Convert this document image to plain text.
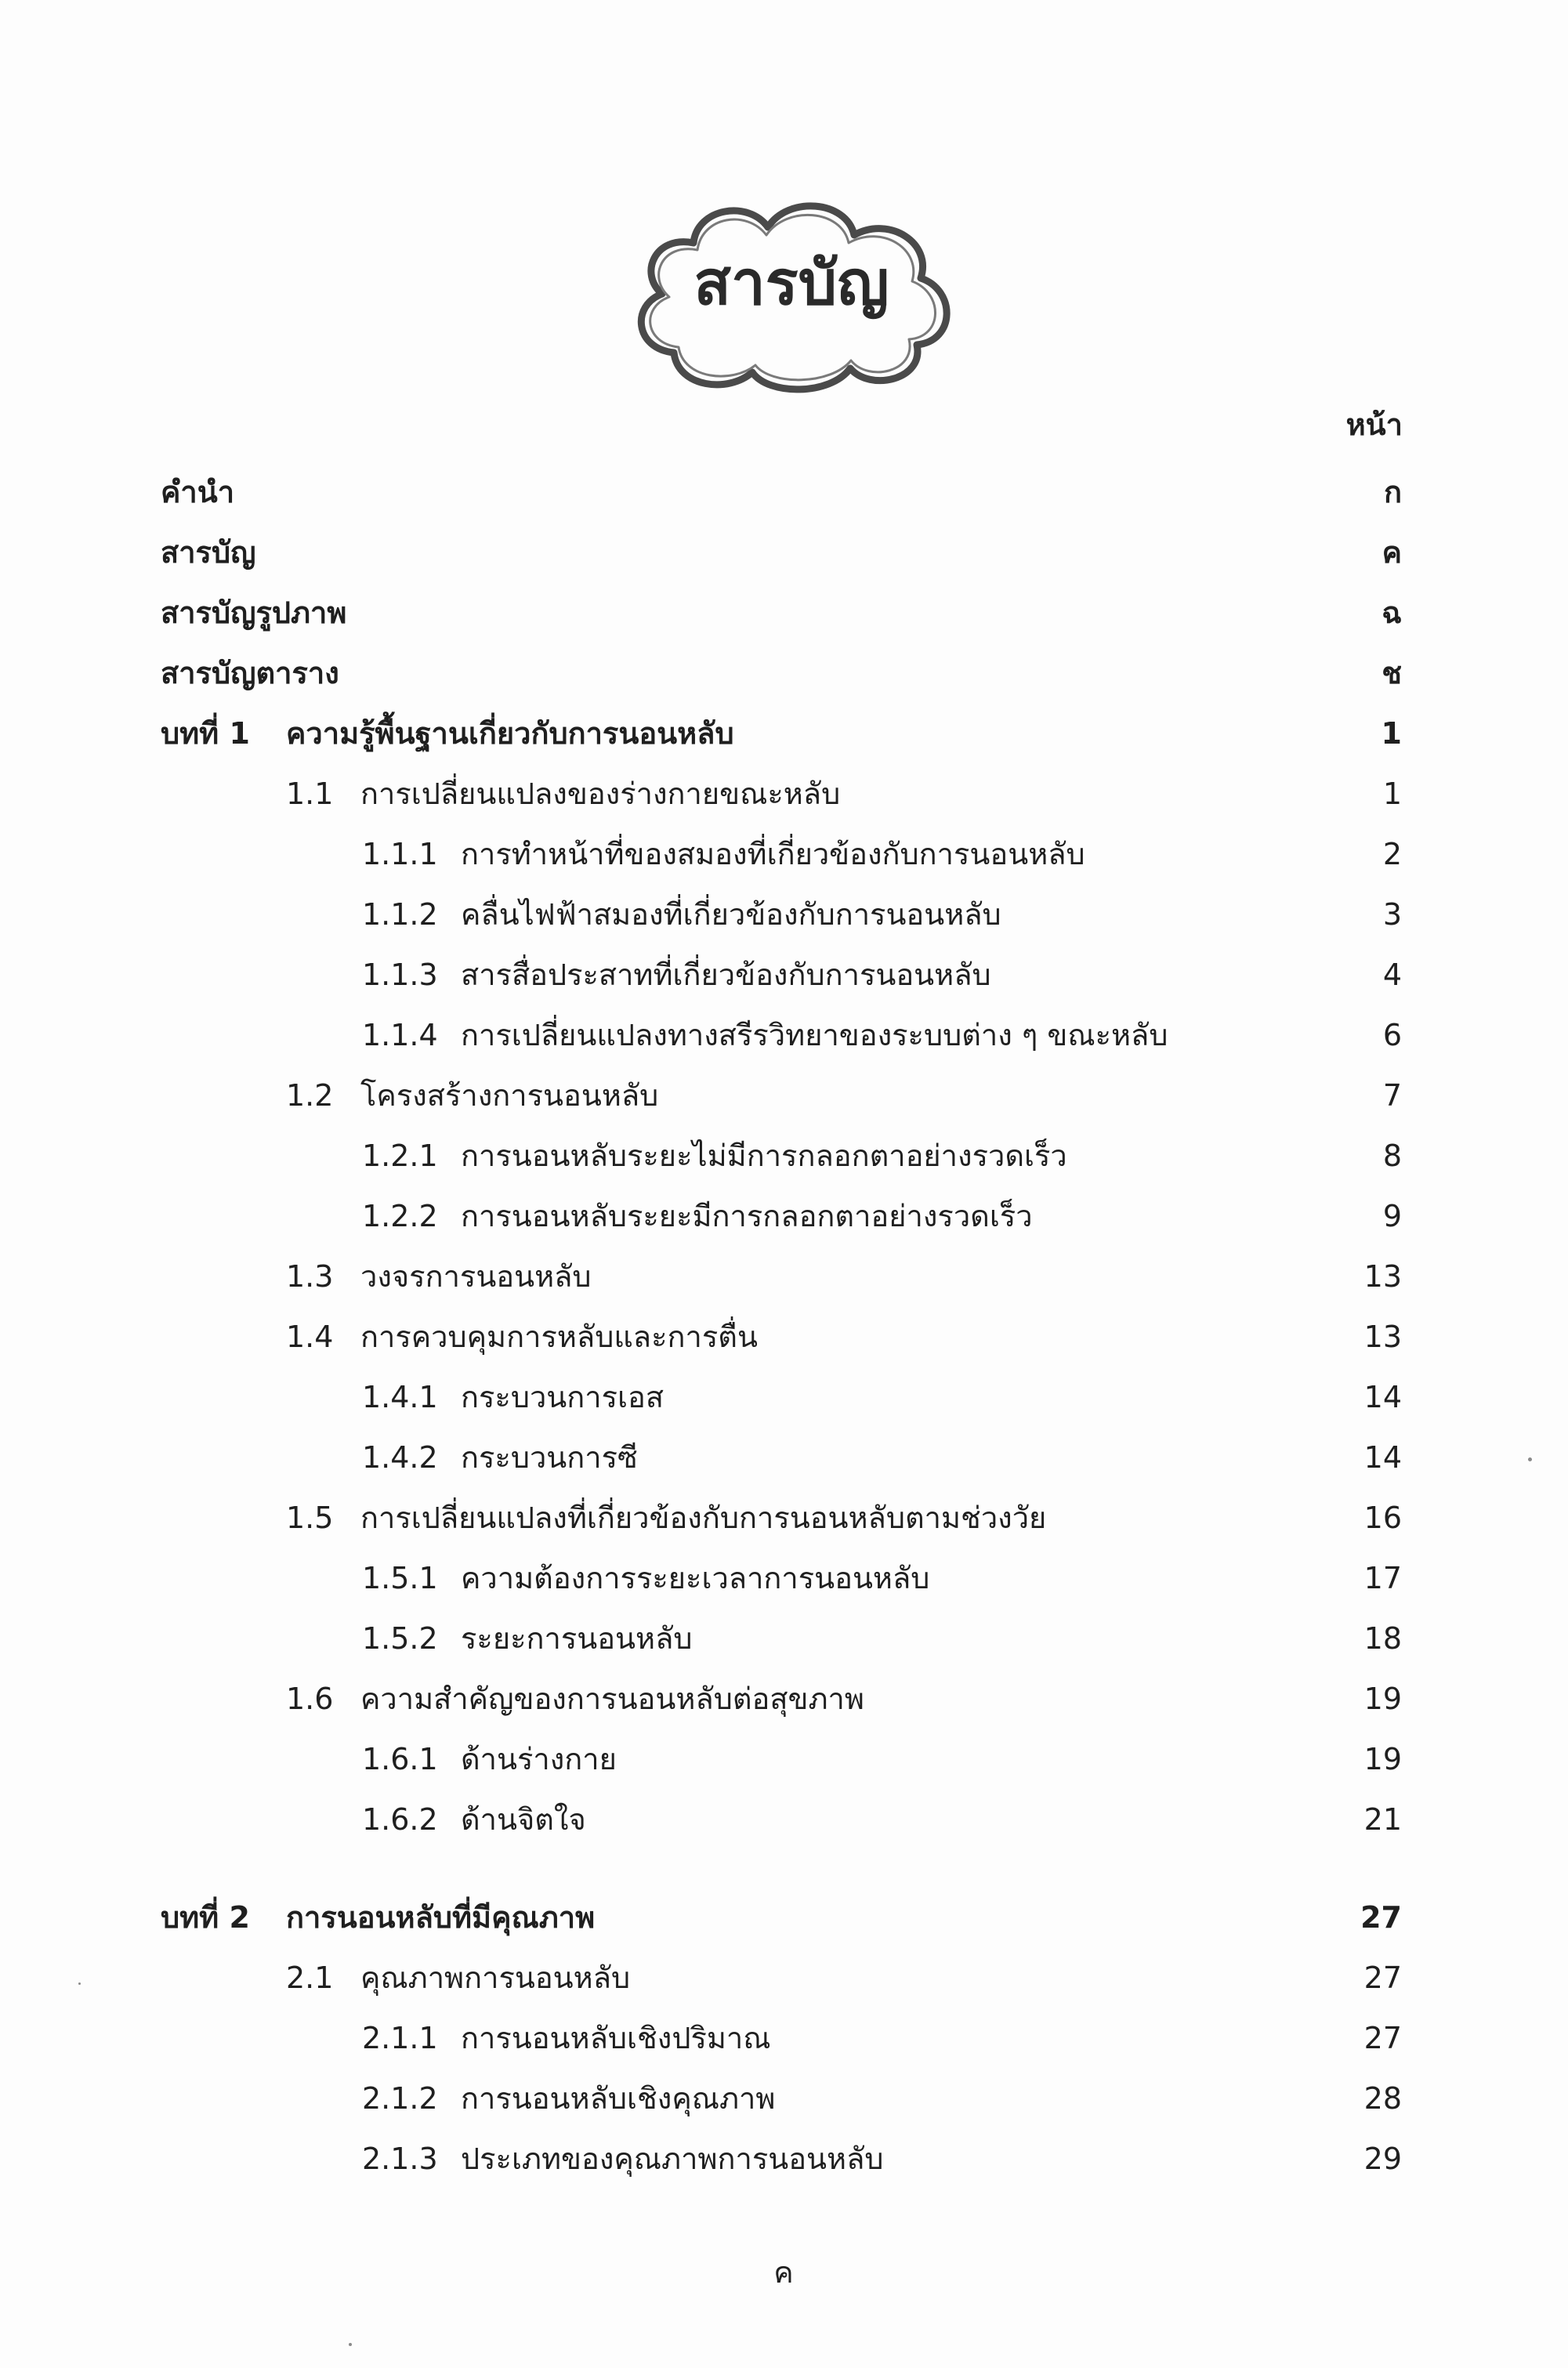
สารบัญ
หน้า
คำนำ	ก
สารบัญ	ค
สารบัญรูปภาพ	ฉ
สารบัญตาราง	ช
บทที่ 1 ความรู้พื้นฐานเกี่ยวกับการนอนหลับ	1
1.1 การเปลี่ยนแปลงของร่างกายขณะหลับ	1
1.1.1 การทำหน้าที่ของสมองที่เกี่ยวข้องกับการนอนหลับ	2
1.1.2 คลื่นไฟฟ้าสมองที่เกี่ยวข้องกับการนอนหลับ	3
1.1.3 สารสื่อประสาทที่เกี่ยวข้องกับการนอนหลับ	4
1.1.4 การเปลี่ยนแปลงทางสรีรวิทยาของระบบต่าง ๆ ขณะหลับ	6
1.2 โครงสร้างการนอนหลับ	7
1.2.1 การนอนหลับระยะไม่มีการกลอกตาอย่างรวดเร็ว	8
1.2.2 การนอนหลับระยะมีการกลอกตาอย่างรวดเร็ว	9
1.3 วงจรการนอนหลับ	13
1.4 การควบคุมการหลับและการตื่น	13
1.4.1 กระบวนการเอส	14
1.4.2 กระบวนการซี	14
1.5 การเปลี่ยนแปลงที่เกี่ยวข้องกับการนอนหลับตามช่วงวัย	16
1.5.1 ความต้องการระยะเวลาการนอนหลับ	17
1.5.2 ระยะการนอนหลับ	18
1.6 ความสำคัญของการนอนหลับต่อสุขภาพ	19
1.6.1 ด้านร่างกาย	19
1.6.2 ด้านจิตใจ	21
บทที่ 2 การนอนหลับที่มีคุณภาพ	27
2.1 คุณภาพการนอนหลับ	27
2.1.1 การนอนหลับเชิงปริมาณ	27
2.1.2 การนอนหลับเชิงคุณภาพ	28
2.1.3 ประเภทของคุณภาพการนอนหลับ	29
ค
